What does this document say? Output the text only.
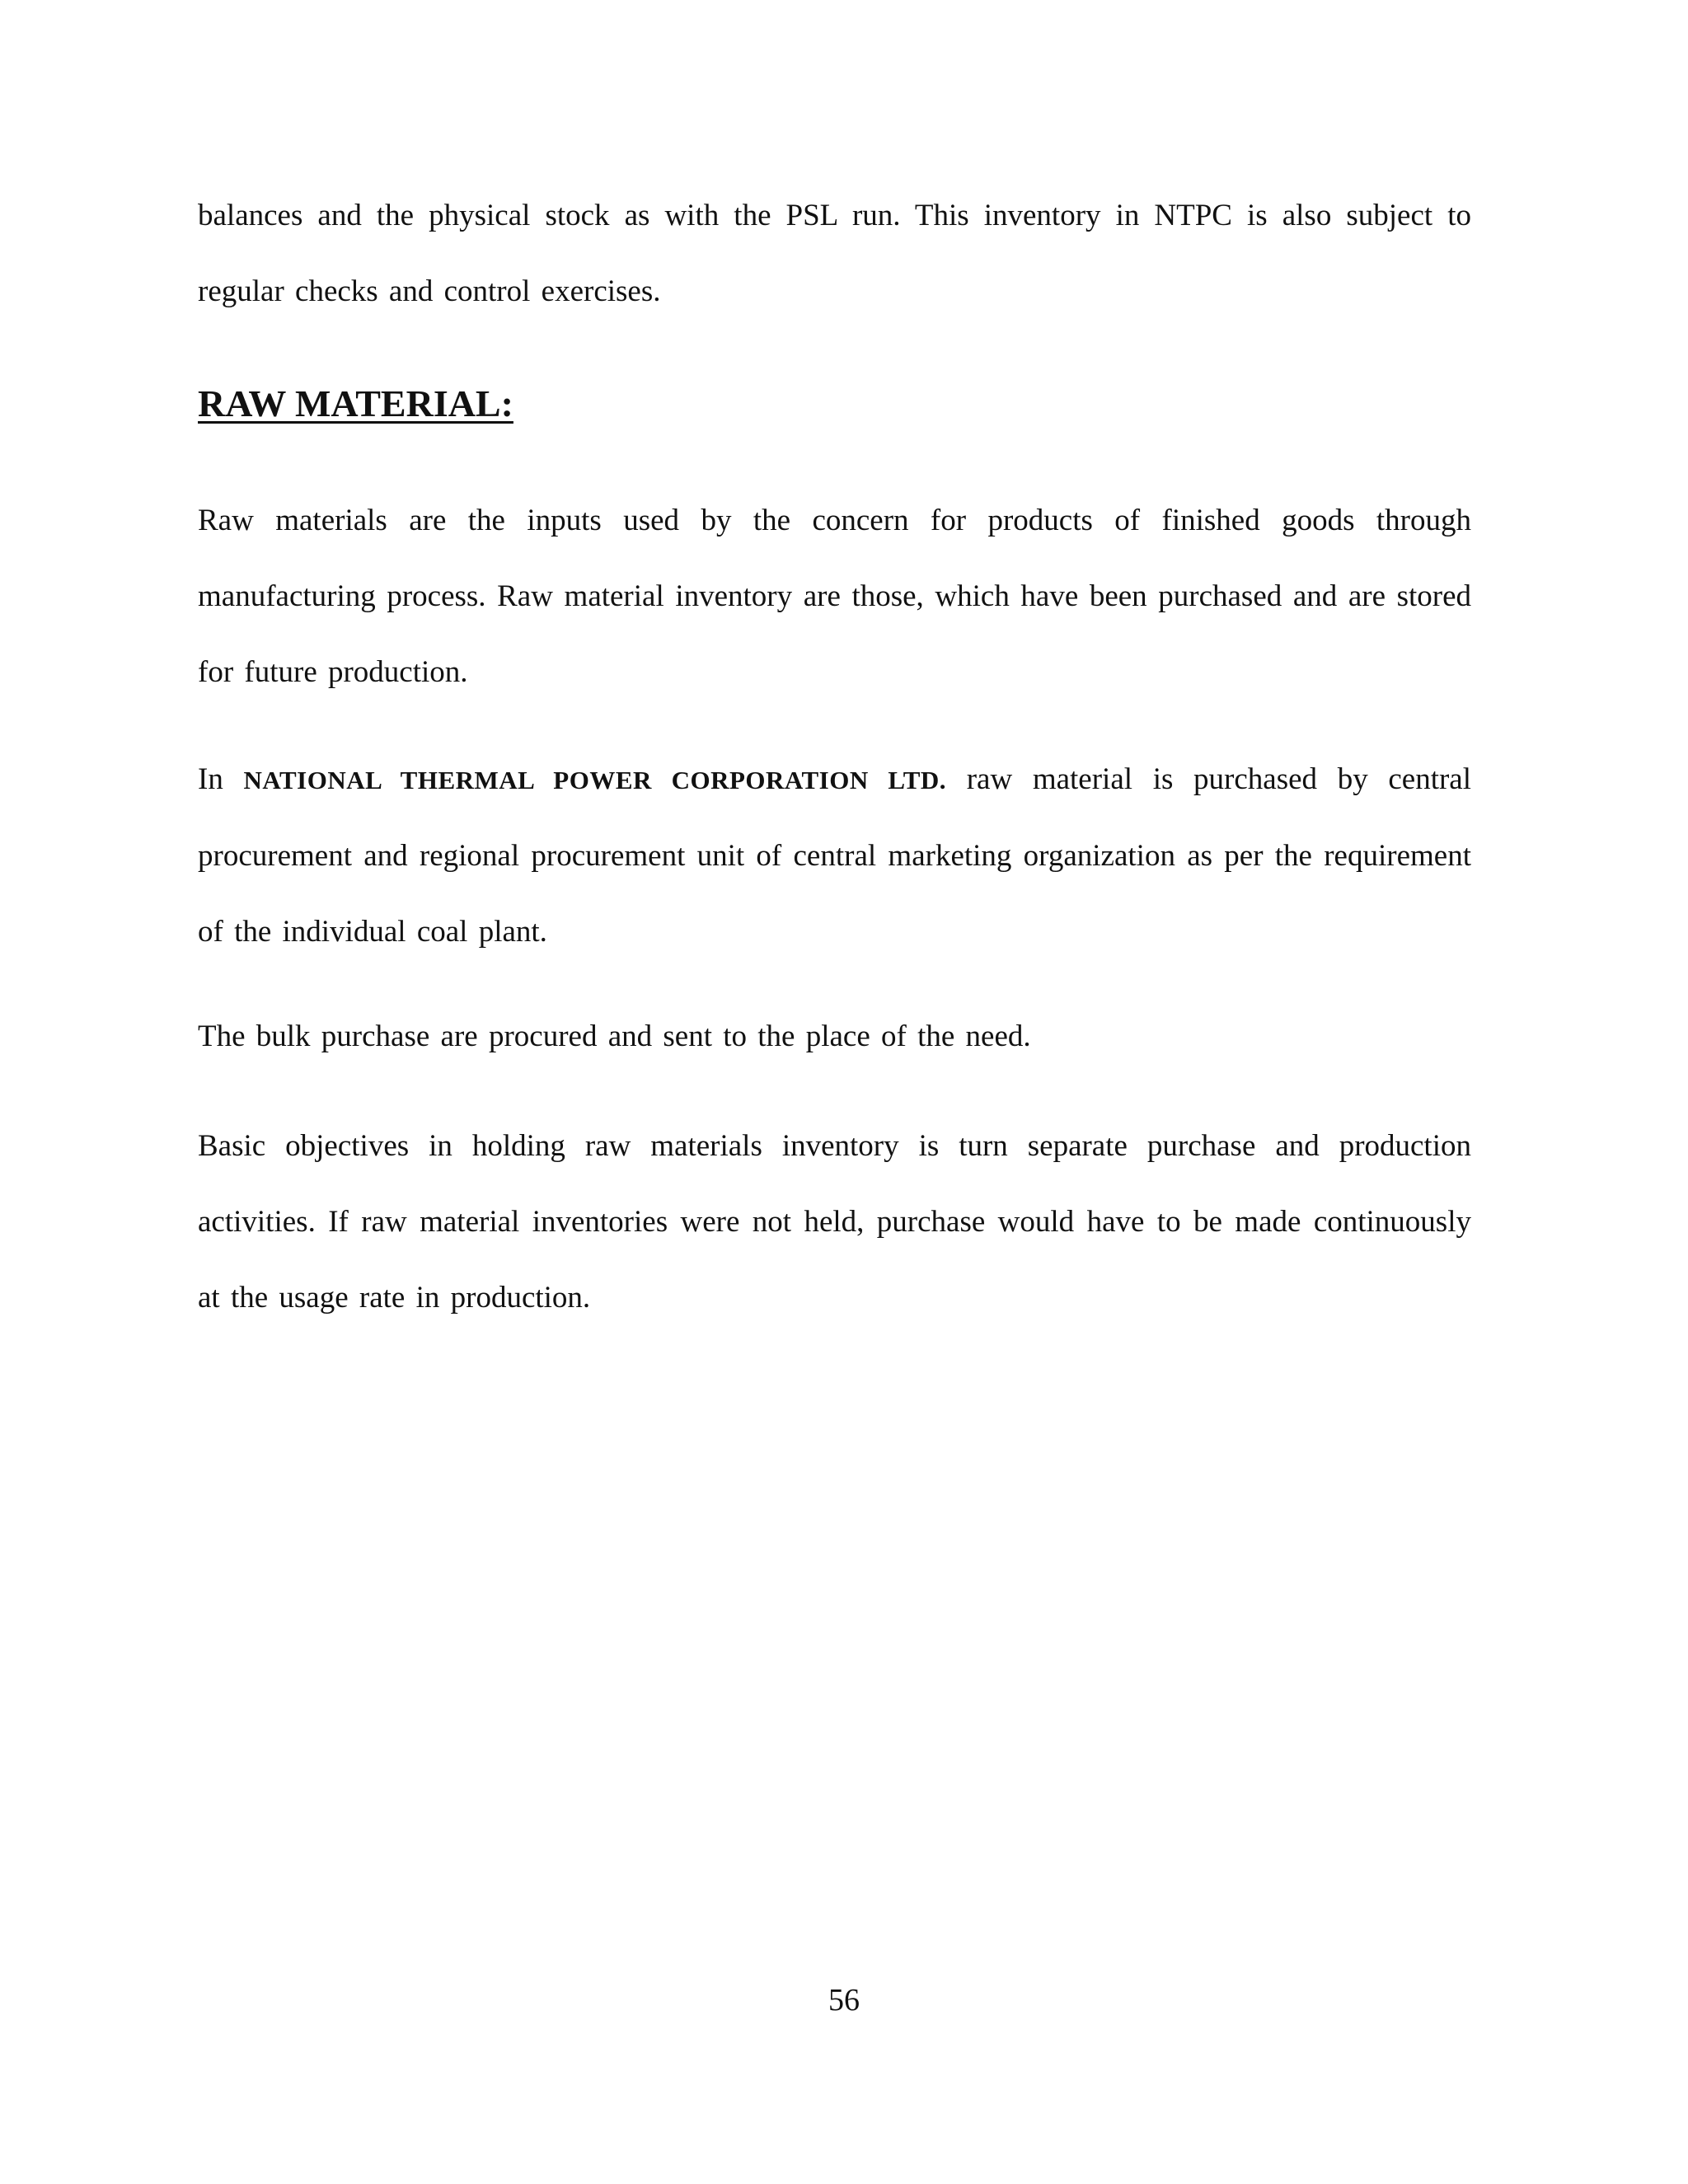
balances and the physical stock as with the PSL run. This inventory in NTPC is also subject to regular checks and control exercises.

RAW MATERIAL:

Raw materials are the inputs used by the concern for products of finished goods through manufacturing process. Raw material inventory are those, which have been purchased and are stored for future production.

In NATIONAL THERMAL POWER CORPORATION LTD. raw material is purchased by central procurement and regional procurement unit of central marketing organization as per the requirement of the individual coal plant.

The bulk purchase are procured and sent to the place of the need.

Basic objectives in holding raw materials inventory is turn separate purchase and production activities. If raw material inventories were not held, purchase would have to be made continuously at the usage rate in production.

56
